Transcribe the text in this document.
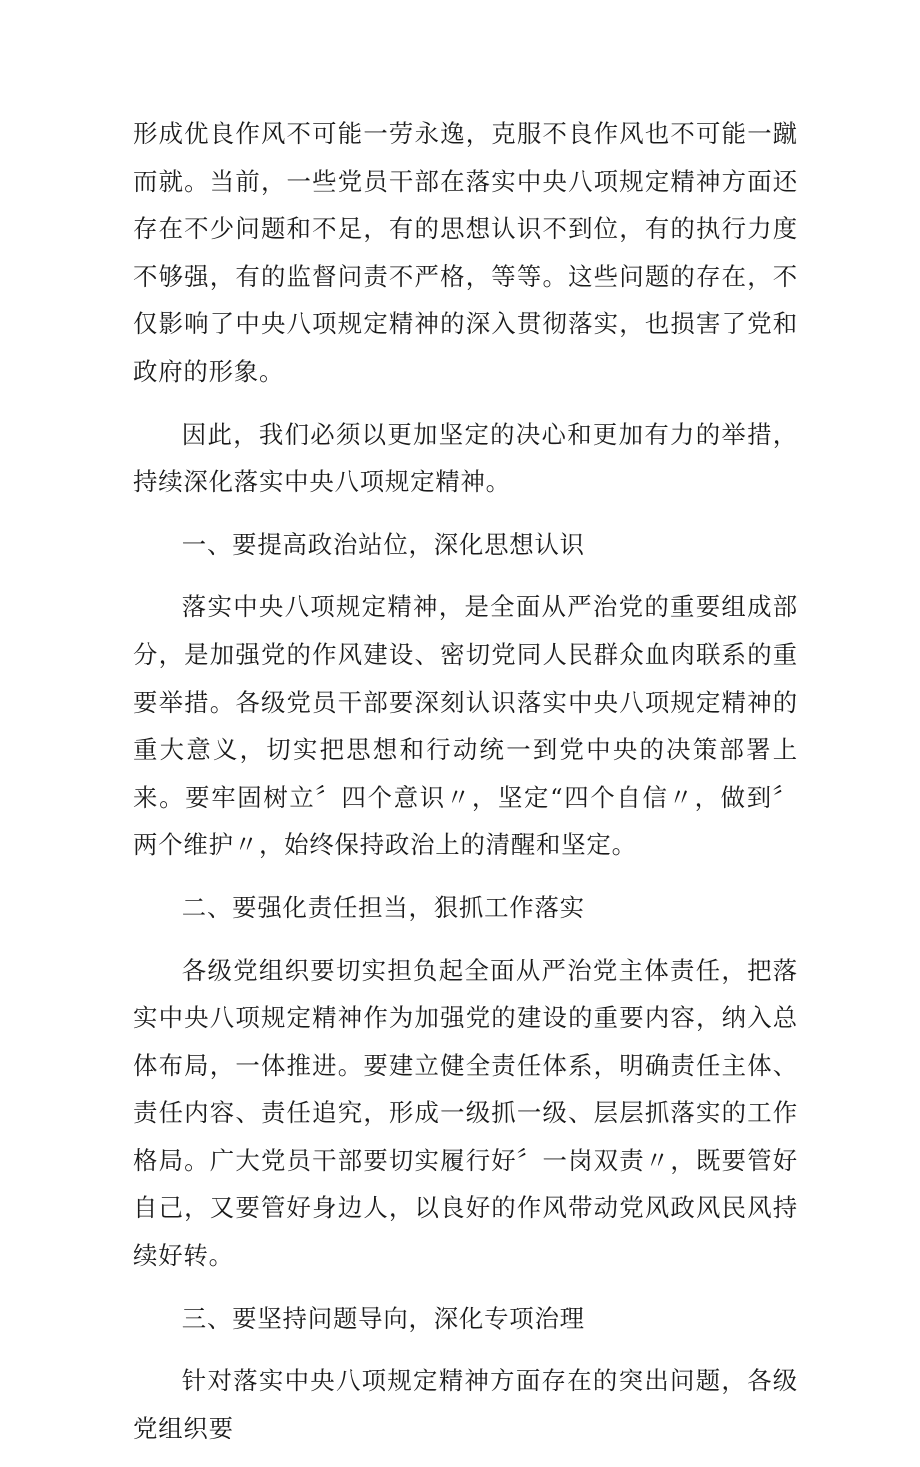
形成优良作风不可能一劳永逸，克服不良作风也不可能一蹴而就。当前，一些党员干部在落实中央八项规定精神方面还存在不少问题和不足，有的思想认识不到位，有的执行力度不够强，有的监督问责不严格，等等。这些问题的存在，不仅影响了中央八项规定精神的深入贯彻落实，也损害了党和政府的形象。

因此，我们必须以更加坚定的决心和更加有力的举措，持续深化落实中央八项规定精神。

一、要提高政治站位，深化思想认识

落实中央八项规定精神，是全面从严治党的重要组成部分，是加强党的作风建设、密切党同人民群众血肉联系的重要举措。各级党员干部要深刻认识落实中央八项规定精神的重大意义，切实把思想和行动统一到党中央的决策部署上来。要牢固树立〞四个意识〃，坚定“四个自信〃，做到〞两个维护〃，始终保持政治上的清醒和坚定。

二、要强化责任担当，狠抓工作落实

各级党组织要切实担负起全面从严治党主体责任，把落实中央八项规定精神作为加强党的建设的重要内容，纳入总体布局，一体推进。要建立健全责任体系，明确责任主体、责任内容、责任追究，形成一级抓一级、层层抓落实的工作格局。广大党员干部要切实履行好〞一岗双责〃，既要管好自己，又要管好身边人，以良好的作风带动党风政风民风持续好转。

三、要坚持问题导向，深化专项治理

针对落实中央八项规定精神方面存在的突出问题，各级党组织要
